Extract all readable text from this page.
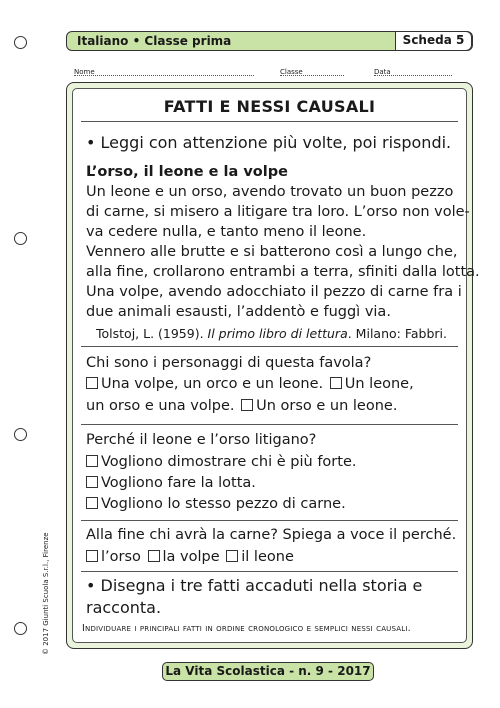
Italiano • Classe prima	Scheda 5
Nome	Classe	Data
FATTI E NESSI CAUSALI
• Leggi con attenzione più volte, poi rispondi.
L’orso, il leone e la volpe
Un leone e un orso, avendo trovato un buon pezzo
di carne, si misero a litigare tra loro. L’orso non vole-
va cedere nulla, e tanto meno il leone.
Vennero alle brutte e si batterono così a lungo che,
alla fine, crollarono entrambi a terra, sfiniti dalla lotta.
Una volpe, avendo adocchiato il pezzo di carne fra i
due animali esausti, l’addentò e fuggì via.
Tolstoj, L. (1959). Il primo libro di lettura. Milano: Fabbri.
Chi sono i personaggi di questa favola?
Una volpe, un orco e un leone. Un leone,
un orso e una volpe. Un orso e un leone.
Perché il leone e l’orso litigano?
Vogliono dimostrare chi è più forte.
Vogliono fare la lotta.
Vogliono lo stesso pezzo di carne.
Alla fine chi avrà la carne? Spiega a voce il perché.
l’orso la volpe il leone
• Disegna i tre fatti accaduti nella storia e
racconta.
Individuare i principali fatti in ordine cronologico e semplici nessi causali.
© 2017 Giunti Scuola S.r.l., Firenze
La Vita Scolastica - n. 9 - 2017
